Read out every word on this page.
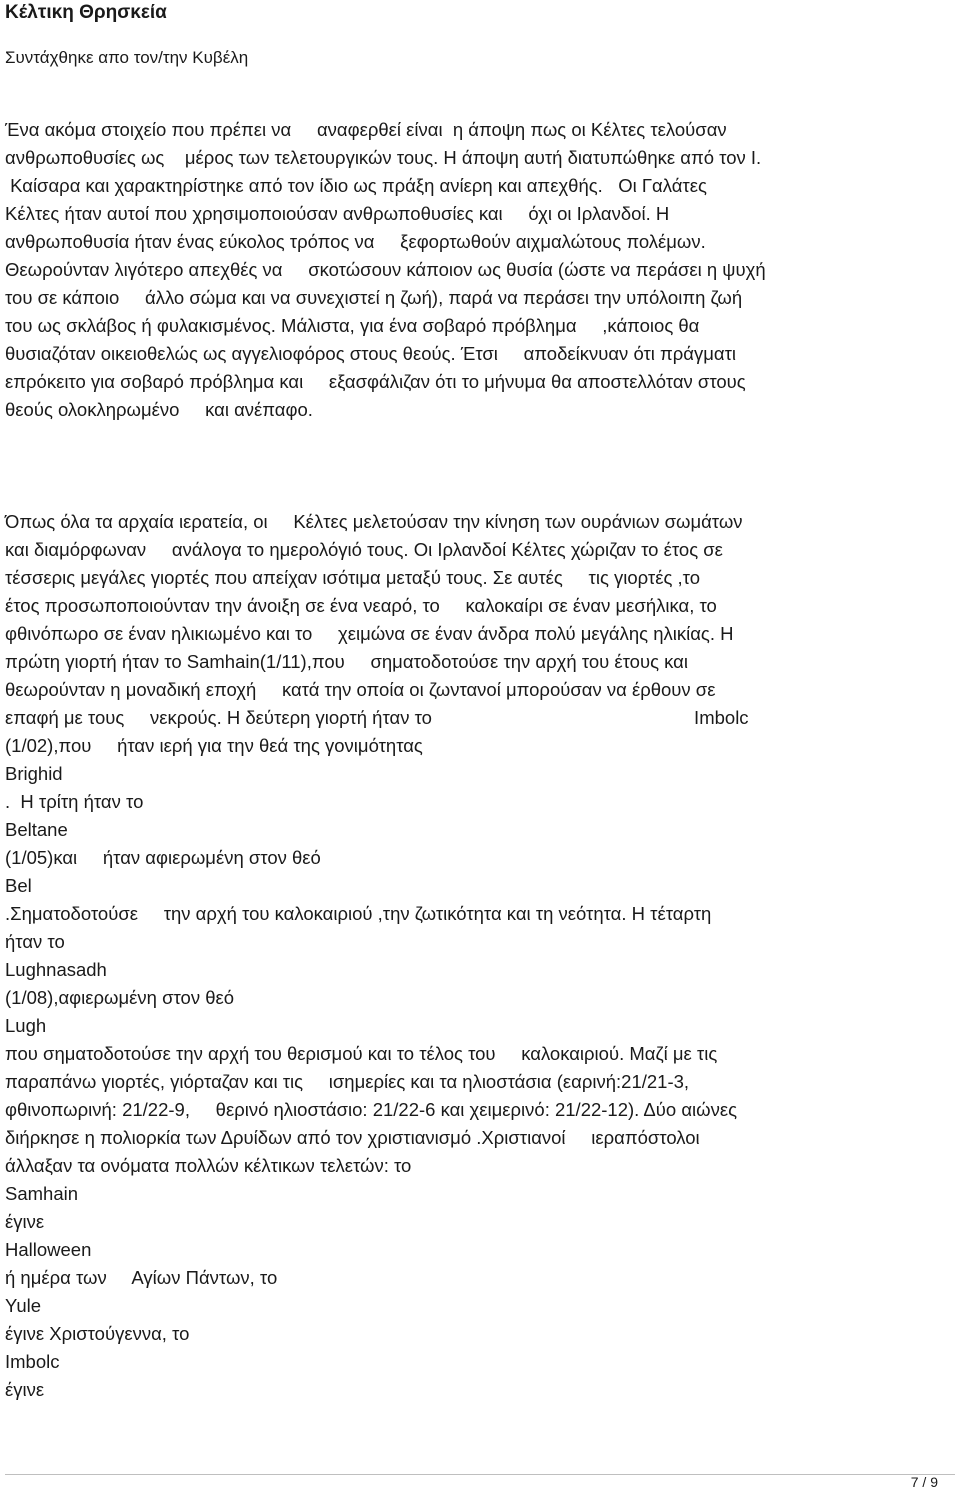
Κέλτικη Θρησκεία
Συντάχθηκε απο τον/την Κυβέλη
Ένα ακόμα στοιχείο που πρέπει να     αναφερθεί είναι  η άποψη πως οι Κέλτες τελούσαν
ανθρωποθυσίες ως    μέρος των τελετουργικών τους. Η άποψη αυτή διατυπώθηκε από τον Ι.
Καίσαρα και χαρακτηρίστηκε από τον ίδιο ως πράξη ανίερη και απεχθής.   Οι Γαλάτες
Κέλτες ήταν αυτοί που χρησιμοποιούσαν ανθρωποθυσίες και     όχι οι Ιρλανδοί. Η
ανθρωποθυσία ήταν ένας εύκολος τρόπος να     ξεφορτωθούν αιχμαλώτους πολέμων.
Θεωρούνταν λιγότερο απεχθές να     σκοτώσουν κάποιον ως θυσία (ώστε να περάσει η ψυχή
του σε κάποιο     άλλο σώμα και να συνεχιστεί η ζωή), παρά να περάσει την υπόλοιπη ζωή
του ως σκλάβος ή φυλακισμένος. Μάλιστα, για ένα σοβαρό πρόβλημα     ,κάποιος θα
θυσιαζόταν οικειοθελώς ως αγγελιοφόρος στους θεούς. Έτσι     αποδείκνυαν ότι πράγματι
επρόκειτο για σοβαρό πρόβλημα και     εξασφάλιζαν ότι το μήνυμα θα αποστελλόταν στους
θεούς ολοκληρωμένο     και ανέπαφο.
Όπως όλα τα αρχαία ιερατεία, οι     Κέλτες μελετούσαν την κίνηση των ουράνιων σωμάτων
και διαμόρφωναν     ανάλογα το ημερολόγιό τους. Οι Ιρλανδοί Κέλτες χώριζαν το έτος σε
τέσσερις μεγάλες γιορτές που απείχαν ισότιμα μεταξύ τους. Σε αυτές     τις γιορτές ,το
έτος προσωποποιούνταν την άνοιξη σε ένα νεαρό, το     καλοκαίρι σε έναν μεσήλικα, το
φθινόπωρο σε έναν ηλικιωμένο και το     χειμώνα σε έναν άνδρα πολύ μεγάλης ηλικίας. Η
πρώτη γιορτή ήταν το Samhain(1/11),που     σηματοδοτούσε την αρχή του έτους και
θεωρούνταν η μοναδική εποχή     κατά την οποία οι ζωντανοί μπορούσαν να έρθουν σε
επαφή με τους     νεκρούς. Η δεύτερη γιορτή ήταν το                                                   Imbolc
(1/02),που     ήταν ιερή για την θεά της γονιμότητας
Brighid
.  Η τρίτη ήταν το
Beltane
(1/05)και     ήταν αφιερωμένη στον θεό
Bel
.Σηματοδοτούσε     την αρχή του καλοκαιριού ,την ζωτικότητα και τη νεότητα. Η τέταρτη
ήταν το
Lughnasadh
(1/08),αφιερωμένη στον θεό
Lugh
που σηματοδοτούσε την αρχή του θερισμού και το τέλος του     καλοκαιριού. Μαζί με τις
παραπάνω γιορτές, γιόρταζαν και τις     ισημερίες και τα ηλιοστάσια (εαρινή:21/21-3,
φθινοπωρινή: 21/22-9,     θερινό ηλιοστάσιο: 21/22-6 και χειμερινό: 21/22-12). Δύο αιώνες
διήρκησε η πολιορκία των Δρυίδων από τον χριστιανισμό .Χριστιανοί     ιεραπόστολοι
άλλαξαν τα ονόματα πολλών κέλτικων τελετών: το
Samhain
έγινε
Halloween
ή ημέρα των     Αγίων Πάντων, το
Yule
έγινε Χριστούγεννα, το
Imbolc
έγινε
7 / 9
